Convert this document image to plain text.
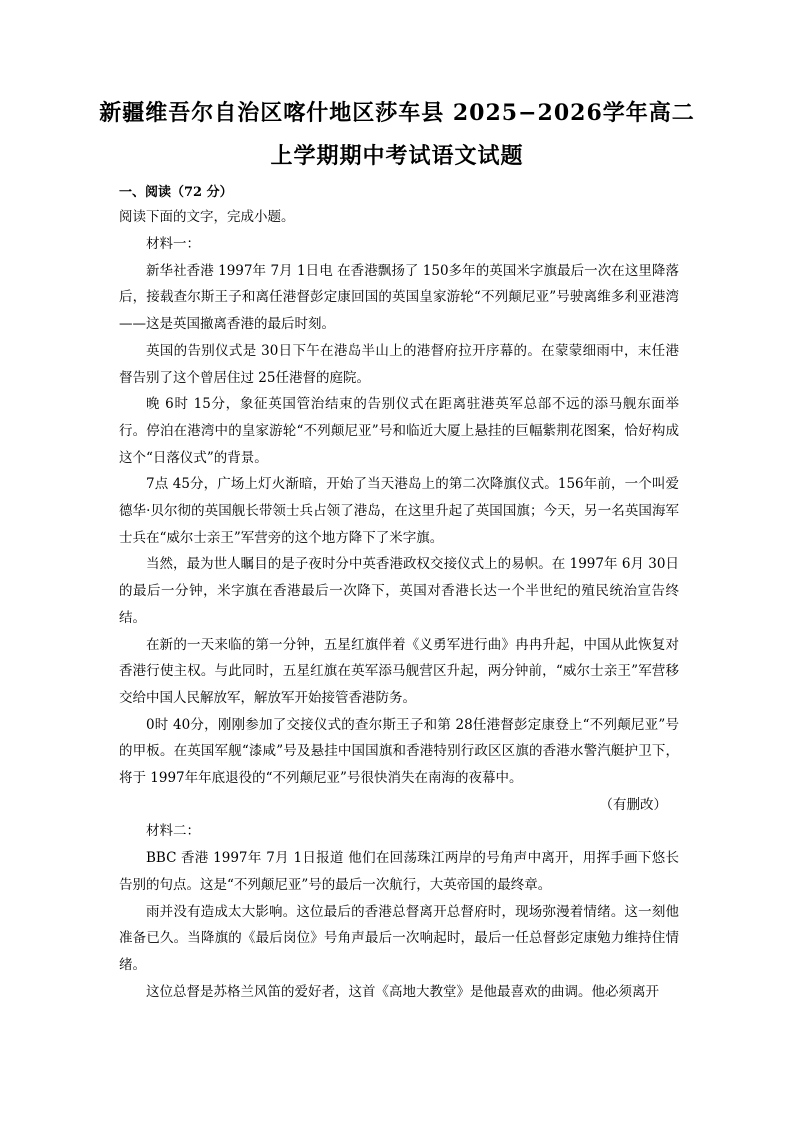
新疆维吾尔自治区喀什地区莎车县 2025−2026学年高二
上学期期中考试语文试题
一、阅读（72 分）
阅读下面的文字，完成小题。

材料一：

新华社香港 1997年 7月 1日电 在香港飘扬了 150多年的英国米字旗最后一次在这里降落后，接载查尔斯王子和离任港督彭定康回国的英国皇家游轮“不列颠尼亚”号驶离维多利亚港湾——这是英国撤离香港的最后时刻。

英国的告别仪式是 30日下午在港岛半山上的港督府拉开序幕的。在蒙蒙细雨中，末任港督告别了这个曾居住过 25任港督的庭院。

晚 6时 15分，象征英国管治结束的告别仪式在距离驻港英军总部不远的添马舰东面举行。停泊在港湾中的皇家游轮“不列颠尼亚”号和临近大厦上悬挂的巨幅紫荆花图案，恰好构成这个“日落仪式”的背景。

7点 45分，广场上灯火渐暗，开始了当天港岛上的第二次降旗仪式。156年前，一个叫爱德华·贝尔彻的英国舰长带领士兵占领了港岛，在这里升起了英国国旗；今天，另一名英国海军士兵在“威尔士亲王”军营旁的这个地方降下了米字旗。

当然，最为世人瞩目的是子夜时分中英香港政权交接仪式上的易帜。在 1997年 6月 30日的最后一分钟，米字旗在香港最后一次降下，英国对香港长达一个半世纪的殖民统治宣告终结。

在新的一天来临的第一分钟，五星红旗伴着《义勇军进行曲》冉冉升起，中国从此恢复对香港行使主权。与此同时，五星红旗在英军添马舰营区升起，两分钟前，“威尔士亲王”军营移交给中国人民解放军，解放军开始接管香港防务。

0时 40分，刚刚参加了交接仪式的查尔斯王子和第 28任港督彭定康登上“不列颠尼亚”号的甲板。在英国军舰“漆咸”号及悬挂中国国旗和香港特别行政区区旗的香港水警汽艇护卫下，将于 1997年年底退役的“不列颠尼亚”号很快消失在南海的夜幕中。

（有删改）

材料二：

BBC 香港 1997年 7月 1日报道 他们在回荡珠江两岸的号角声中离开，用挥手画下悠长告别的句点。这是“不列颠尼亚”号的最后一次航行，大英帝国的最终章。

雨并没有造成太大影响。这位最后的香港总督离开总督府时，现场弥漫着情绪。这一刻他准备已久。当降旗的《最后岗位》号角声最后一次响起时，最后一任总督彭定康勉力维持住情绪。

这位总督是苏格兰风笛的爱好者，这首《高地大教堂》是他最喜欢的曲调。他必须离开
